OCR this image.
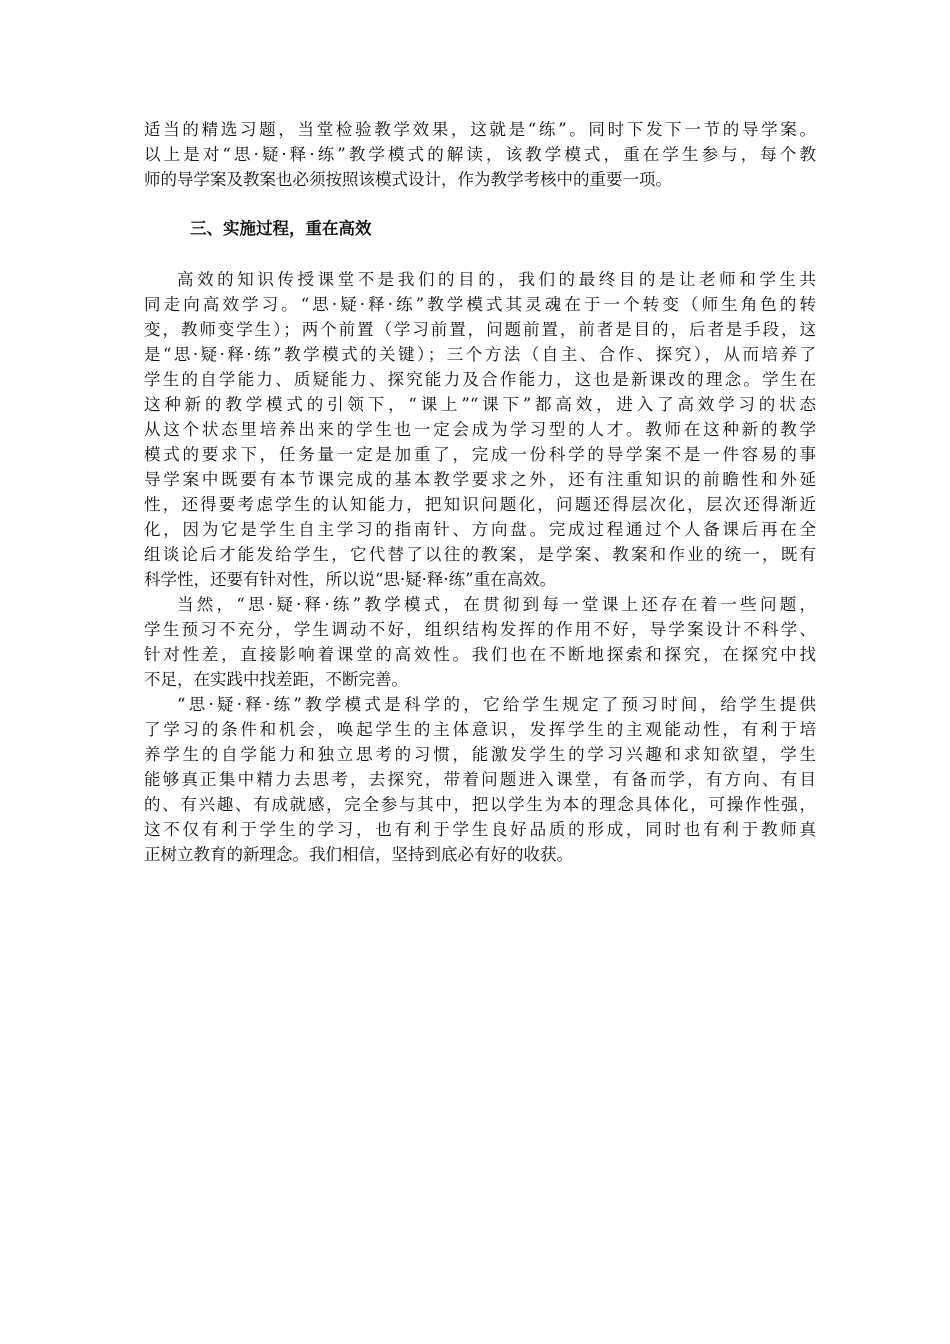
适当的精选习题，当堂检验教学效果，这就是“练”。同时下发下一节的导学案。
以上是对“思·疑·释·练”教学模式的解读，该教学模式，重在学生参与，每个教
师的导学案及教案也必须按照该模式设计，作为教学考核中的重要一项。
三、实施过程，重在高效
高效的知识传授课堂不是我们的目的，我们的最终目的是让老师和学生共
同走向高效学习。“思·疑·释·练”教学模式其灵魂在于一个转变（师生角色的转
变，教师变学生）；两个前置（学习前置，问题前置，前者是目的，后者是手段，这
是“思·疑·释·练”教学模式的关键）；三个方法（自主、合作、探究），从而培养了
学生的自学能力、质疑能力、探究能力及合作能力，这也是新课改的理念。学生在
这种新的教学模式的引领下，“课上”“课下”都高效，进入了高效学习的状态
从这个状态里培养出来的学生也一定会成为学习型的人才。教师在这种新的教学
模式的要求下，任务量一定是加重了，完成一份科学的导学案不是一件容易的事
导学案中既要有本节课完成的基本教学要求之外，还有注重知识的前瞻性和外延
性，还得要考虑学生的认知能力，把知识问题化，问题还得层次化，层次还得渐近
化，因为它是学生自主学习的指南针、方向盘。完成过程通过个人备课后再在全
组谈论后才能发给学生，它代替了以往的教案，是学案、教案和作业的统一，既有
科学性，还要有针对性，所以说“思·疑·释·练”重在高效。
当然，“思·疑·释·练”教学模式，在贯彻到每一堂课上还存在着一些问题，
学生预习不充分，学生调动不好，组织结构发挥的作用不好，导学案设计不科学、
针对性差，直接影响着课堂的高效性。我们也在不断地探索和探究，在探究中找
不足，在实践中找差距，不断完善。
“思·疑·释·练”教学模式是科学的，它给学生规定了预习时间，给学生提供
了学习的条件和机会，唤起学生的主体意识，发挥学生的主观能动性，有利于培
养学生的自学能力和独立思考的习惯，能激发学生的学习兴趣和求知欲望，学生
能够真正集中精力去思考，去探究，带着问题进入课堂，有备而学，有方向、有目
的、有兴趣、有成就感，完全参与其中，把以学生为本的理念具体化，可操作性强，
这不仅有利于学生的学习，也有利于学生良好品质的形成，同时也有利于教师真
正树立教育的新理念。我们相信，坚持到底必有好的收获。
